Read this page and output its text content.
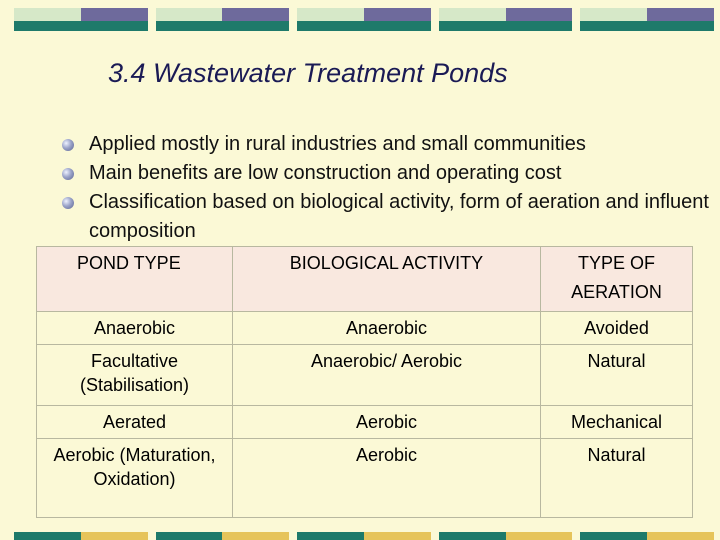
3.4 Wastewater Treatment Ponds
Applied mostly in rural industries and small communities
Main benefits are low construction and operating cost
Classification based on biological activity, form of aeration and influent composition
POND TYPE	BIOLOGICAL ACTIVITY	TYPE OF AERATION
Anaerobic	Anaerobic	Avoided
Facultative (Stabilisation)	Anaerobic/ Aerobic	Natural
Aerated	Aerobic	Mechanical
Aerobic (Maturation, Oxidation)	Aerobic	Natural
